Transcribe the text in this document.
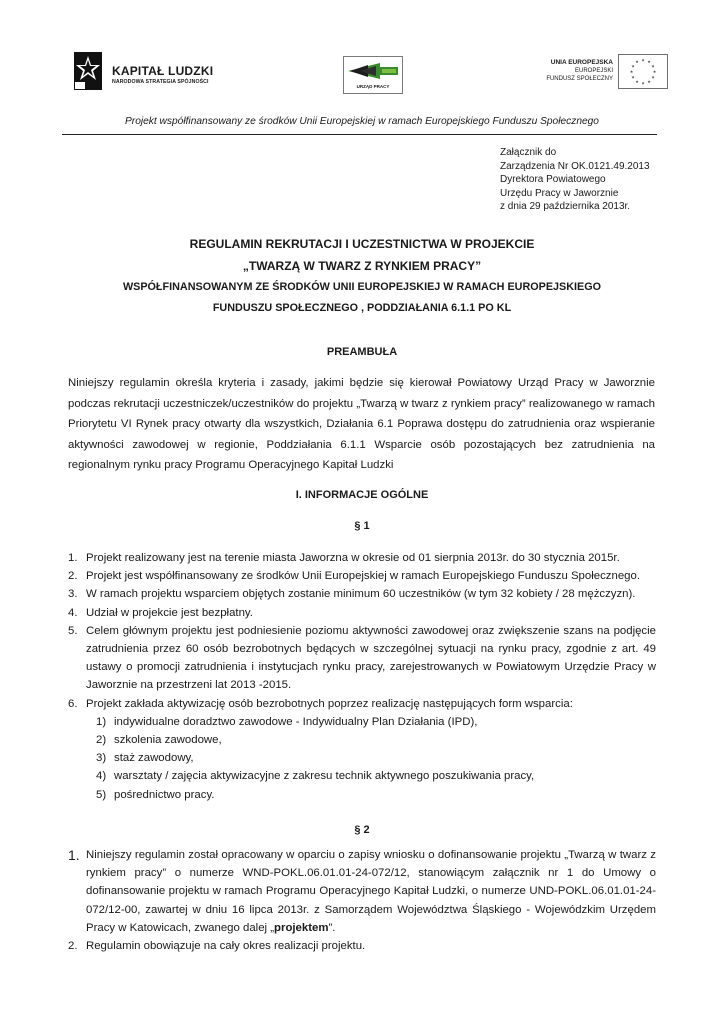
KAPITAŁ LUDZKI
NARODOWA STRATEGIA SPÓJNOŚCI
URZĄD PRACY
UNIA EUROPEJSKA
EUROPEJSKI
FUNDUSZ SPOŁECZNY
★ ★
★
★
★
★
★
★
★
★
★
★
Projekt współfinansowany ze środków Unii Europejskiej w ramach Europejskiego Funduszu Społecznego
Załącznik do
Zarządzenia Nr OK.0121.49.2013
Dyrektora Powiatowego
Urzędu Pracy w Jaworznie
z dnia 29 października 2013r.
REGULAMIN REKRUTACJI I UCZESTNICTWA W PROJEKCIE
„TWARZĄ W TWARZ Z RYNKIEM PRACY”
WSPÓŁFINANSOWANYM ZE ŚRODKÓW UNII EUROPEJSKIEJ W RAMACH EUROPEJSKIEGO
FUNDUSZU SPOŁECZNEGO , PODDZIAŁANIA 6.1.1 PO KL
PREAMBUŁA
Niniejszy regulamin określa kryteria i zasady, jakimi będzie się kierował Powiatowy Urząd Pracy w Jaworznie podczas rekrutacji uczestniczek/uczestników do projektu „Twarzą w twarz z rynkiem pracy” realizowanego w ramach Priorytetu VI Rynek pracy otwarty dla wszystkich, Działania 6.1 Poprawa dostępu do zatrudnienia oraz wspieranie aktywności zawodowej w regionie, Poddziałania 6.1.1 Wsparcie osób pozostających bez zatrudnienia na regionalnym rynku pracy Programu Operacyjnego Kapitał Ludzki
I. INFORMACJE OGÓLNE
§ 1
1. Projekt realizowany jest na terenie miasta Jaworzna w okresie od 01 sierpnia 2013r. do 30 stycznia 2015r.
2. Projekt jest współfinansowany ze środków Unii Europejskiej w ramach Europejskiego Funduszu Społecznego.
3. W ramach projektu wsparciem objętych zostanie minimum 60 uczestników (w tym 32 kobiety / 28 mężczyzn).
4. Udział w projekcie jest bezpłatny.
5. Celem głównym projektu jest podniesienie poziomu aktywności zawodowej oraz zwiększenie szans na podjęcie zatrudnienia przez 60 osób bezrobotnych będących w szczególnej sytuacji na rynku pracy, zgodnie z art. 49 ustawy o promocji zatrudnienia i instytucjach rynku pracy, zarejestrowanych w Powiatowym Urzędzie Pracy w Jaworznie na przestrzeni lat 2013 -2015.
6. Projekt zakłada aktywizację osób bezrobotnych poprzez realizację następujących form wsparcia:
1) indywidualne doradztwo zawodowe - Indywidualny Plan Działania (IPD),
2) szkolenia zawodowe,
3) staż zawodowy,
4) warsztaty / zajęcia aktywizacyjne z zakresu technik aktywnego poszukiwania pracy,
5) pośrednictwo pracy.
§ 2
1. Niniejszy regulamin został opracowany w oparciu o zapisy wniosku o dofinansowanie projektu „Twarzą w twarz z rynkiem pracy” o numerze WND-POKL.06.01.01-24-072/12, stanowiącym załącznik nr 1 do Umowy o dofinansowanie projektu w ramach Programu Operacyjnego Kapitał Ludzki, o numerze UND-POKL.06.01.01-24-072/12-00, zawartej w dniu 16 lipca 2013r. z Samorządem Województwa Śląskiego - Wojewódzkim Urzędem Pracy w Katowicach, zwanego dalej „projektem”.
2. Regulamin obowiązuje na cały okres realizacji projektu.
